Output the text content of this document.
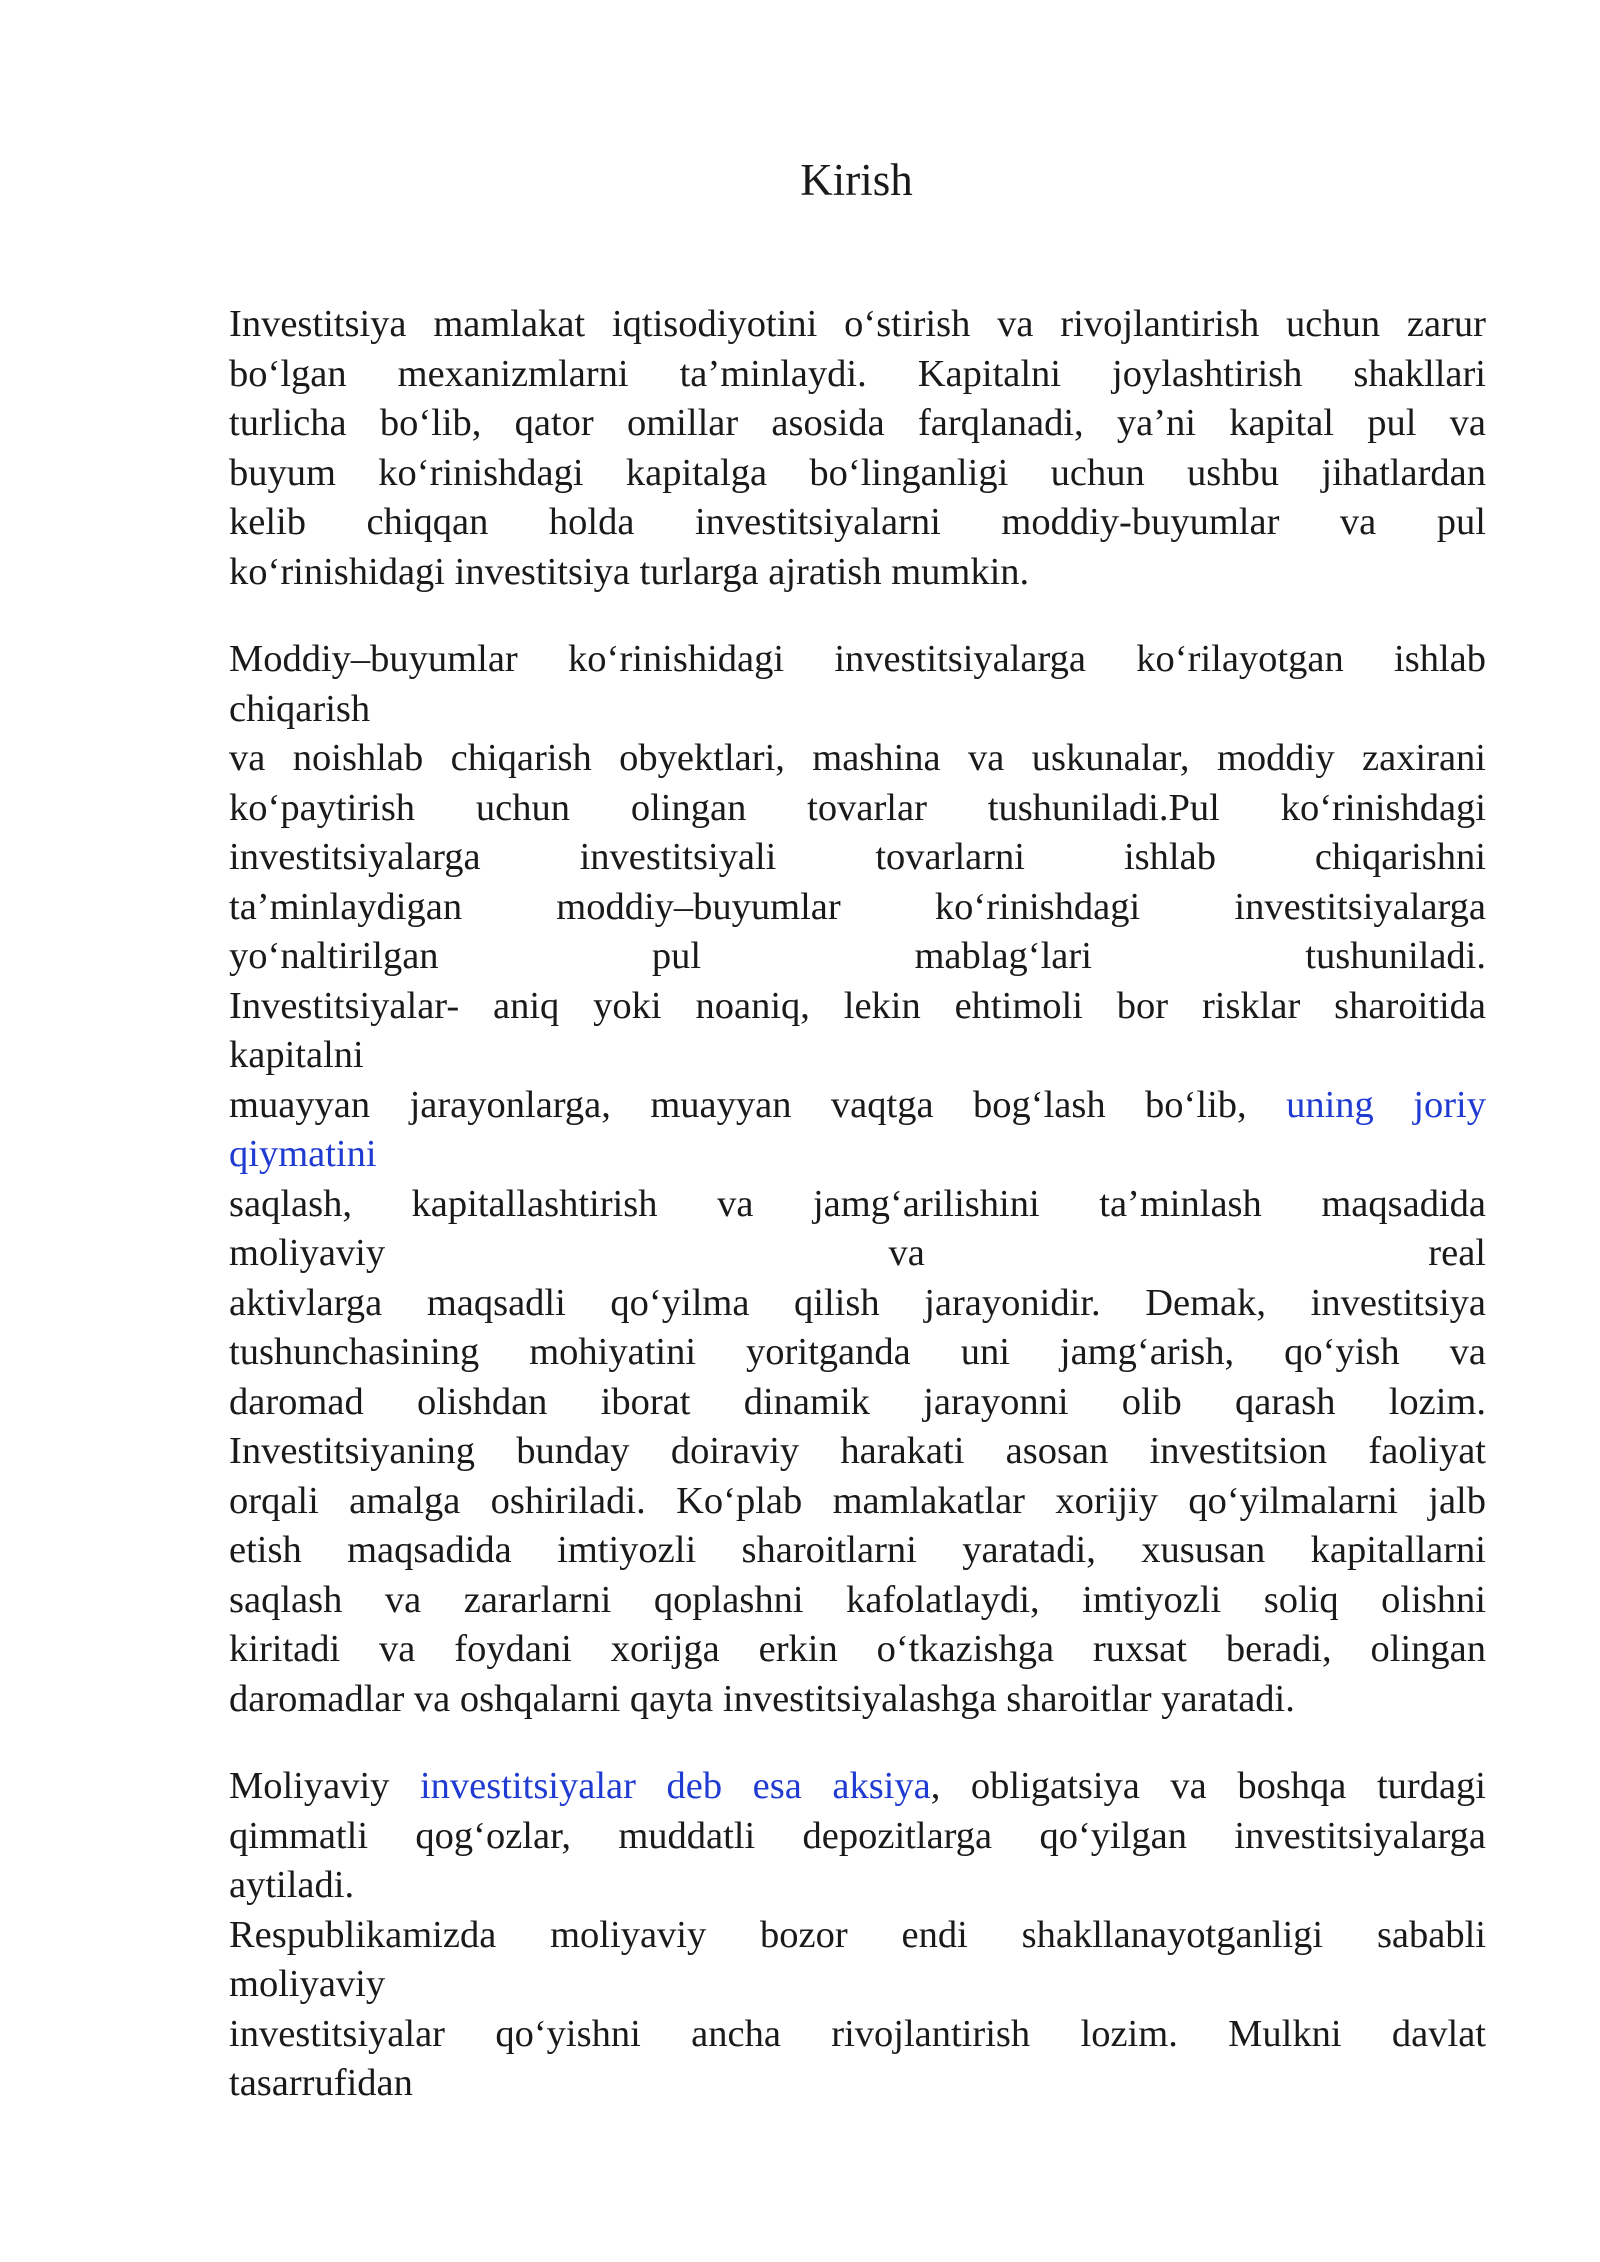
Kirish
Investitsiya mamlakat iqtisodiyotini o‘stirish va rivojlantirish uchun zarur
bo‘lgan mexanizmlarni ta’minlaydi. Kapitalni joylashtirish shakllari
turlicha bo‘lib, qator omillar asosida farqlanadi, ya’ni kapital pul va
buyum ko‘rinishdagi kapitalga bo‘linganligi uchun ushbu jihatlardan
kelib chiqqan holda investitsiyalarni moddiy-buyumlar va pul
ko‘rinishidagi investitsiya turlarga ajratish mumkin.
Moddiy–buyumlar ko‘rinishidagi investitsiyalarga ko‘rilayotgan ishlab
chiqarish
va noishlab chiqarish obyektlari, mashina va uskunalar, moddiy zaxirani
ko‘paytirish uchun olingan tovarlar tushuniladi.Pul ko‘rinishdagi
investitsiyalarga investitsiyali tovarlarni ishlab chiqarishni
ta’minlaydigan moddiy–buyumlar ko‘rinishdagi investitsiyalarga
yo‘naltirilgan pul mablag‘lari tushuniladi.
Investitsiyalar- aniq yoki noaniq, lekin ehtimoli bor risklar sharoitida
kapitalni
muayyan jarayonlarga, muayyan vaqtga bog‘lash bo‘lib, uning joriy
qiymatini
saqlash, kapitallashtirish va jamg‘arilishini ta’minlash maqsadida
moliyaviy va real
aktivlarga maqsadli qo‘yilma qilish jarayonidir. Demak, investitsiya
tushunchasining mohiyatini yoritganda uni jamg‘arish, qo‘yish va
daromad olishdan iborat dinamik jarayonni olib qarash lozim.
Investitsiyaning bunday doiraviy harakati asosan investitsion faoliyat
orqali amalga oshiriladi. Ko‘plab mamlakatlar xorijiy qo‘yilmalarni jalb
etish maqsadida imtiyozli sharoitlarni yaratadi, xususan kapitallarni
saqlash va zararlarni qoplashni kafolatlaydi, imtiyozli soliq olishni
kiritadi va foydani xorijga erkin o‘tkazishga ruxsat beradi, olingan
daromadlar va oshqalarni qayta investitsiyalashga sharoitlar yaratadi.
Moliyaviy investitsiyalar deb esa aksiya, obligatsiya va boshqa turdagi
qimmatli qog‘ozlar, muddatli depozitlarga qo‘yilgan investitsiyalarga
aytiladi.
Respublikamizda moliyaviy bozor endi shakllanayotganligi sababli
moliyaviy
investitsiyalar qo‘yishni ancha rivojlantirish lozim. Mulkni davlat
tasarrufidan
